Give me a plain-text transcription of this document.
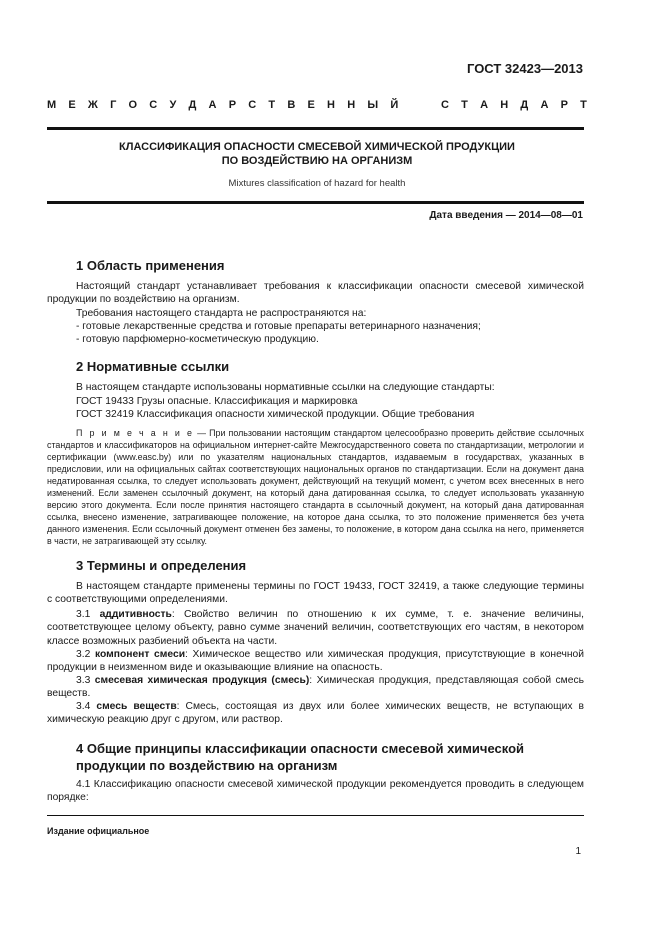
ГОСТ 32423—2013
М Е Ж Г О С У Д А Р С Т В Е Н Н Ы Й

	С Т А Н Д А Р Т
КЛАССИФИКАЦИЯ ОПАСНОСТИ СМЕСЕВОЙ ХИМИЧЕСКОЙ ПРОДУКЦИИ
ПО ВОЗДЕЙСТВИЮ НА ОРГАНИЗМ
Mixtures classification of hazard for health
Дата введения — 2014—08—01
1 Область применения
Настоящий стандарт устанавливает требования к классификации опасности смесевой химической продукции по воздействию на организм.
Требования настоящего стандарта не распространяются на:
- готовые лекарственные средства и готовые препараты ветеринарного назначения;
- готовую парфюмерно-косметическую продукцию.
2 Нормативные ссылки
В настоящем стандарте использованы нормативные ссылки на следующие стандарты:
ГОСТ 19433 Грузы опасные. Классификация и маркировка
ГОСТ 32419 Классификация опасности химической продукции. Общие требования
П р и м е ч а н и е — При пользовании настоящим стандартом целесообразно проверить действие ссылочных стандартов и классификаторов на официальном интернет-сайте Межгосударственного совета по стандартизации, метрологии и сертификации (www.easc.by) или по указателям национальных стандартов, издаваемым в государствах, указанных в предисловии, или на официальных сайтах соответствующих национальных органов по стандартизации. Если на документ дана недатированная ссылка, то следует использовать документ, действующий на текущий момент, с учетом всех внесенных в него изменений. Если заменен ссылочный документ, на который дана датированная ссылка, то следует использовать указанную версию этого документа. Если после принятия настоящего стандарта в ссылочный документ, на который дана датированная ссылка, внесено изменение, затрагивающее положение, на которое дана ссылка, то это положение применяется без учета данного изменения. Если ссылочный документ отменен без замены, то положение, в котором дана ссылка на него, применяется в части, не затрагивающей эту ссылку.
3 Термины и определения
В настоящем стандарте применены термины по ГОСТ 19433, ГОСТ 32419, а также следующие термины с соответствующими определениями.
3.1 аддитивность: Свойство величин по отношению к их сумме, т. е. значение величины, соответствующее целому объекту, равно сумме значений величин, соответствующих его частям, в некотором классе возможных разбиений объекта на части.
3.2 компонент смеси: Химическое вещество или химическая продукция, присутствующие в конечной продукции в неизменном виде и оказывающие влияние на опасность.
3.3 смесевая химическая продукция (смесь): Химическая продукция, представляющая собой смесь веществ.
3.4 смесь веществ: Смесь, состоящая из двух или более химических веществ, не вступающих в химическую реакцию друг с другом, или раствор.
4 Общие принципы классификации опасности смесевой химической
продукции по воздействию на организм
4.1 Классификацию опасности смесевой химической продукции рекомендуется проводить в следующем порядке:
Издание официальное
1
